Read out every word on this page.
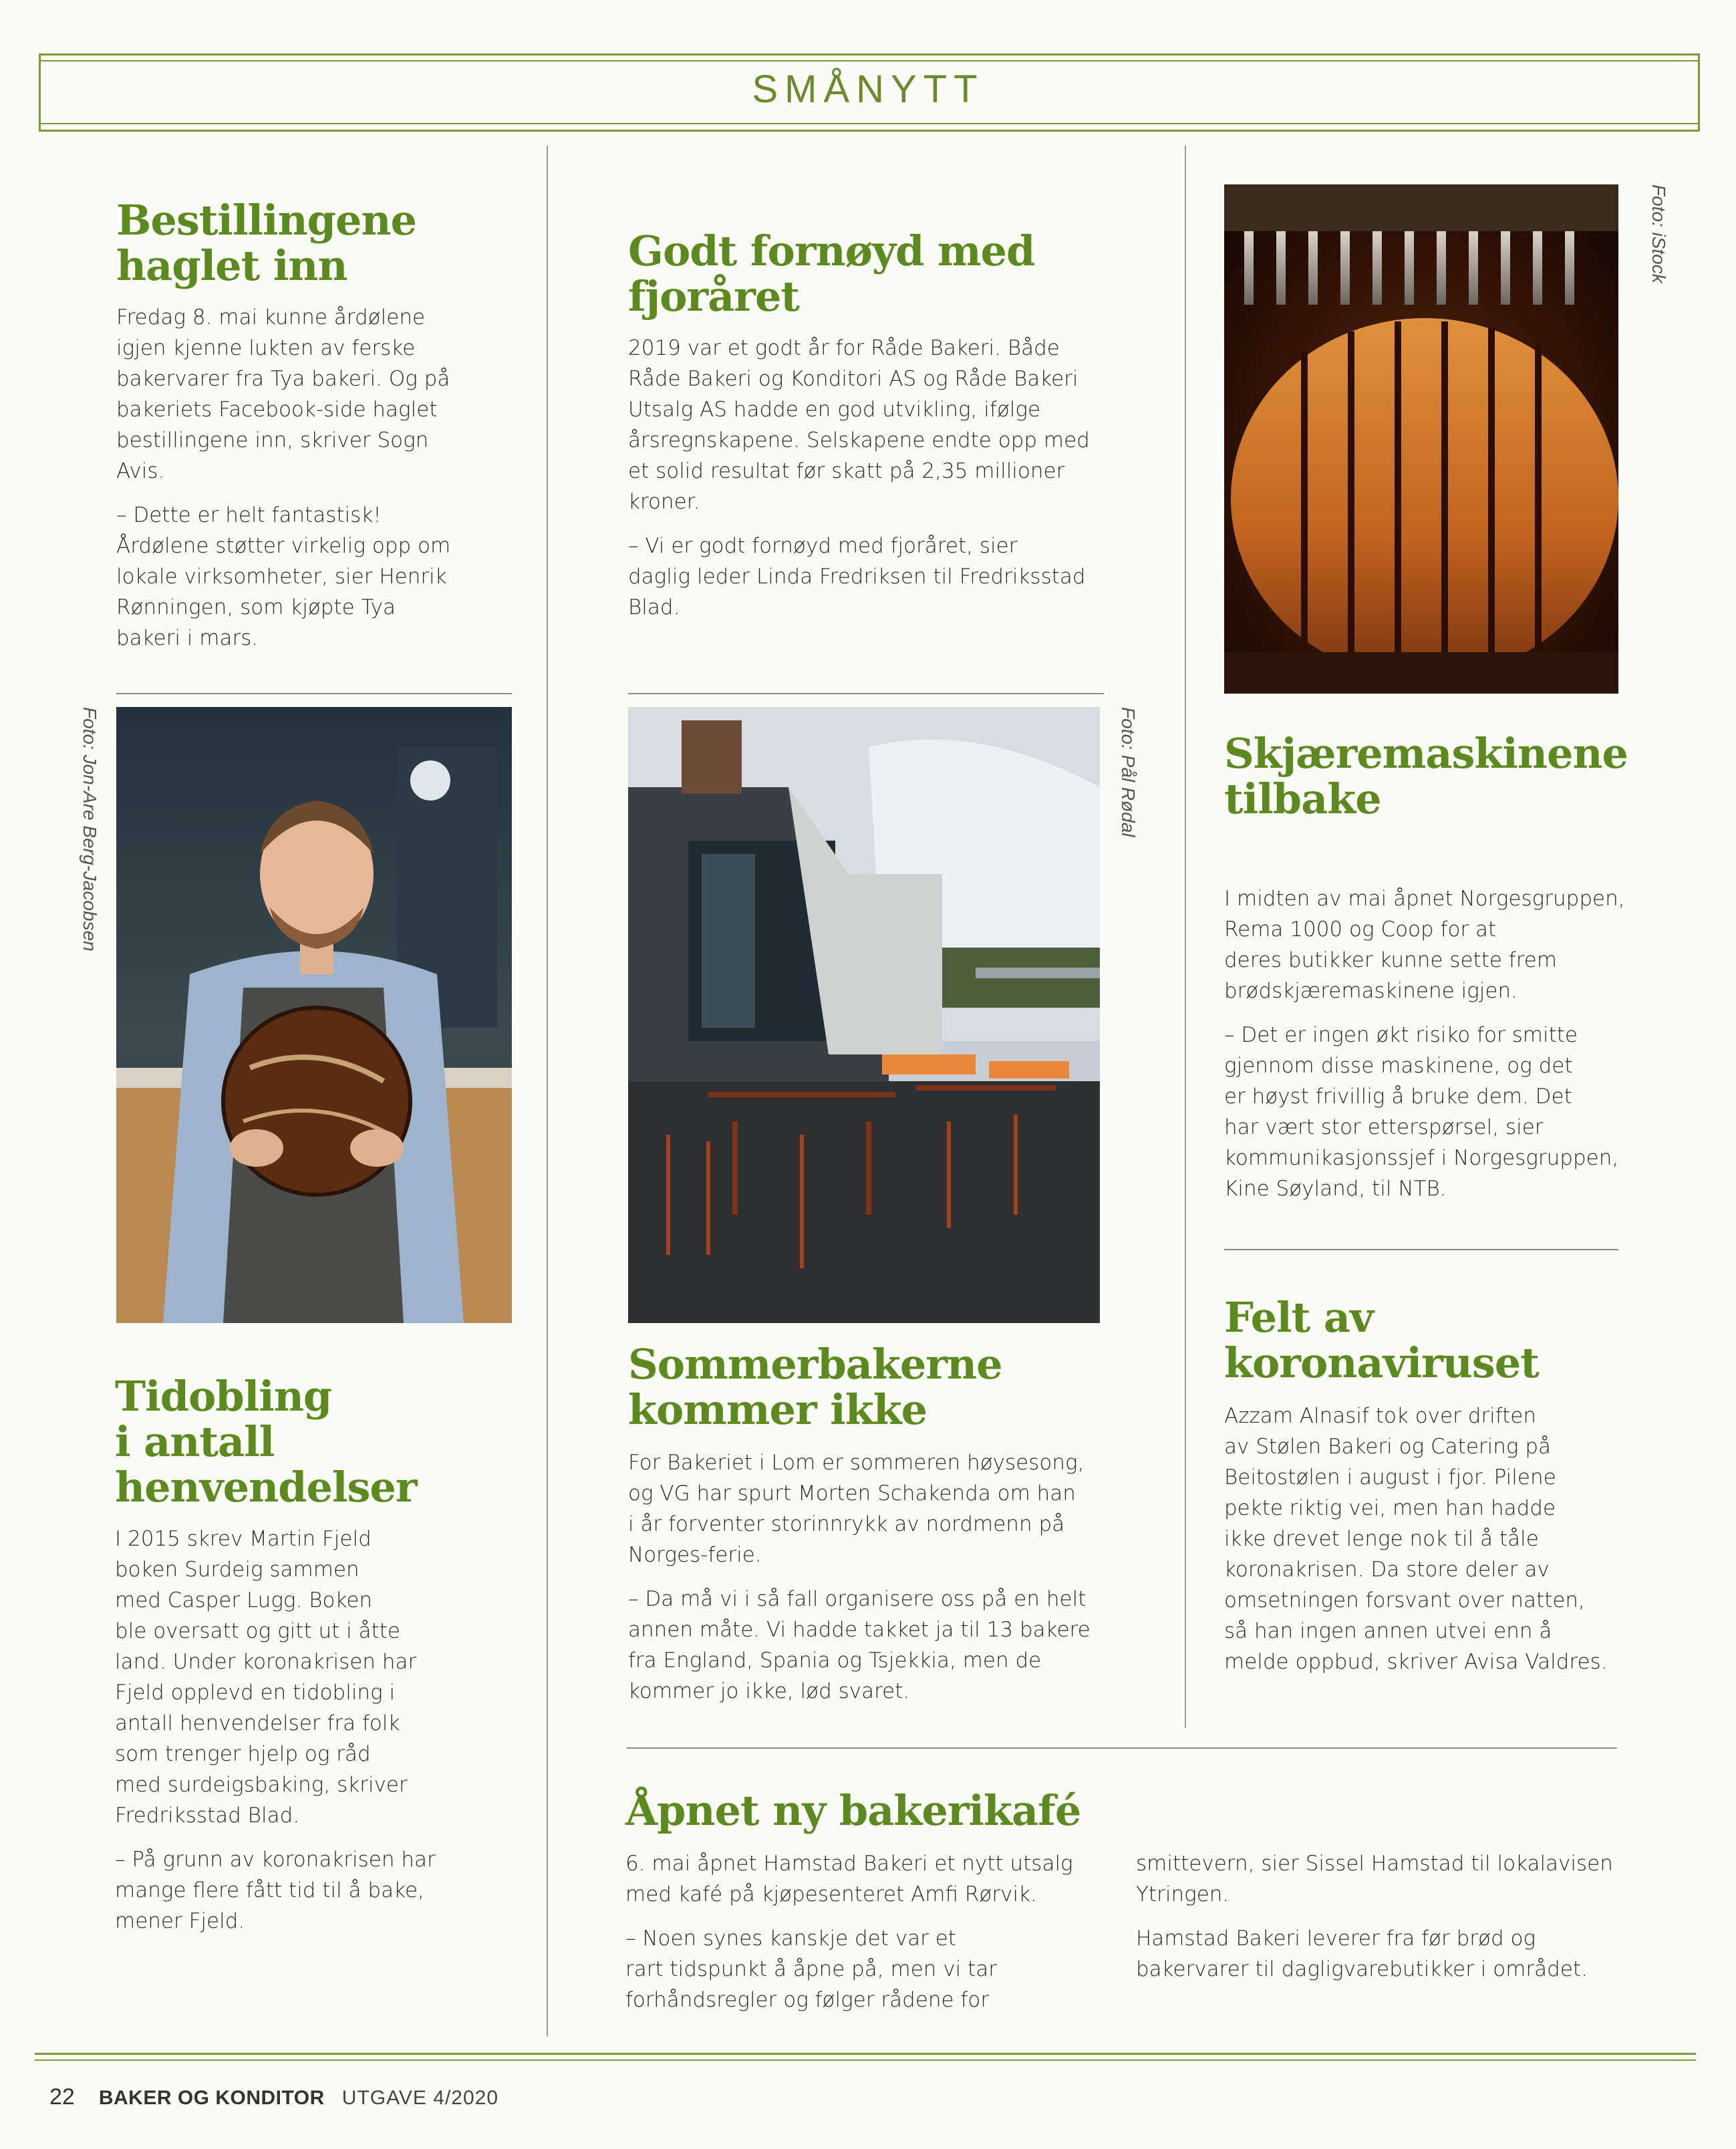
SMÅNYTT
Bestillingene
haglet inn

Fredag 8. mai kunne årdølene
igjen kjenne lukten av ferske
bakervarer fra Tya bakeri. Og på
bakeriets Facebook-side haglet
bestillingene inn, skriver Sogn
Avis.

– Dette er helt fantastisk!
Årdølene støtter virkelig opp om
lokale virksomheter, sier Henrik
Rønningen, som kjøpte Tya
bakeri i mars.

Godt fornøyd med
fjoråret

2019 var et godt år for Råde Bakeri. Både
Råde Bakeri og Konditori AS og Råde Bakeri
Utsalg AS hadde en god utvikling, ifølge
årsregnskapene. Selskapene endte opp med
et solid resultat før skatt på 2,35 millioner
kroner.

– Vi er godt fornøyd med fjoråret, sier
daglig leder Linda Fredriksen til Fredriksstad
Blad.

Foto: iStock
Foto: Jon-Are Berg-Jacobsen	Foto: Pål Rødal Skjæremaskinene
tilbake

I midten av mai åpnet Norgesgruppen,
Rema 1000 og Coop for at
deres butikker kunne sette frem
brødskjæremaskinene igjen.

– Det er ingen økt risiko for smitte
gjennom disse maskinene, og det
er høyst frivillig å bruke dem. Det
har vært stor etterspørsel, sier
kommunikasjonssjef i Norgesgruppen,
Kine Søyland, til NTB.

Tidobling
i antall
henvendelser

I 2015 skrev Martin Fjeld
boken Surdeig sammen
med Casper Lugg. Boken
ble oversatt og gitt ut i åtte
land. Under koronakrisen har
Fjeld opplevd en tidobling i
antall henvendelser fra folk
som trenger hjelp og råd
med surdeigsbaking, skriver
Fredriksstad Blad.

– På grunn av koronakrisen har
mange flere fått tid til å bake,
mener Fjeld.

Sommerbakerne
kommer ikke

For Bakeriet i Lom er sommeren høysesong,
og VG har spurt Morten Schakenda om han
i år forventer storinnrykk av nordmenn på
Norges-ferie.

– Da må vi i så fall organisere oss på en helt
annen måte. Vi hadde takket ja til 13 bakere
fra England, Spania og Tsjekkia, men de
kommer jo ikke, lød svaret.

Felt av
koronaviruset

Azzam Alnasif tok over driften
av Stølen Bakeri og Catering på
Beitostølen i august i fjor. Pilene
pekte riktig vei, men han hadde
ikke drevet lenge nok til å tåle
koronakrisen. Da store deler av
omsetningen forsvant over natten,
så han ingen annen utvei enn å
melde oppbud, skriver Avisa Valdres.

Åpnet ny bakerikafé

6. mai åpnet Hamstad Bakeri et nytt utsalg
med kafé på kjøpesenteret Amfi Rørvik.

– Noen synes kanskje det var et
rart tidspunkt å åpne på, men vi tar
forhåndsregler og følger rådene for

smittevern, sier Sissel Hamstad til lokalavisen
Ytringen.

Hamstad Bakeri leverer fra før brød og
bakervarer til dagligvarebutikker i området.

22 BAKER OG KONDITOR UTGAVE 4/2020
